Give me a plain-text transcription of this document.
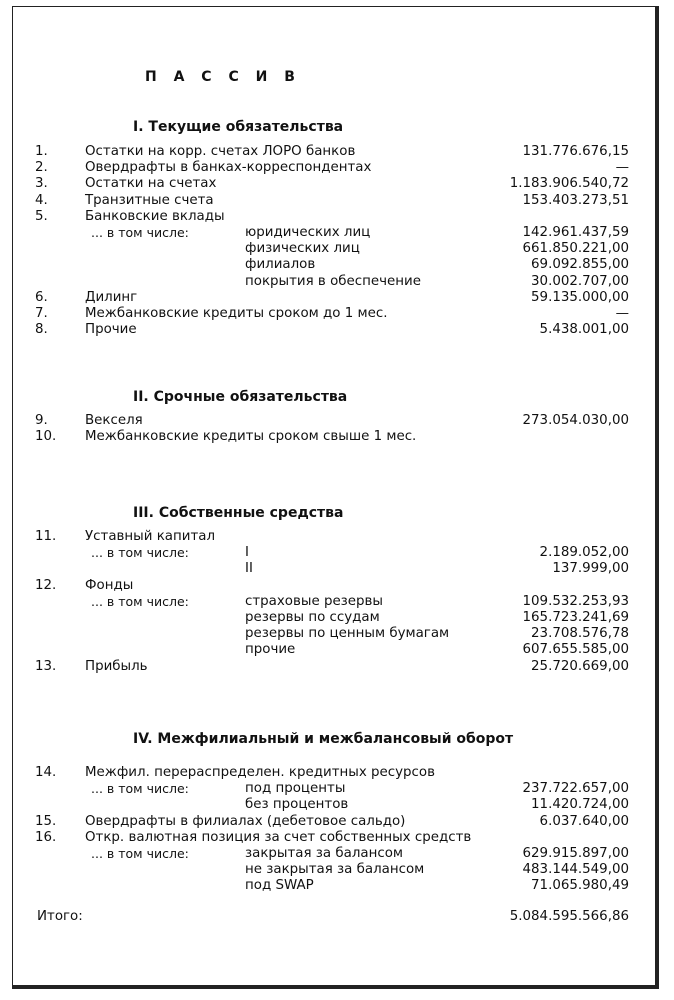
П А С С И В
I. Текущие обязательства
1.	Остатки на корр. счетах ЛОРО банков	131.776.676,15
2.	Овердрафты в банках-корреспондентах	—
3.	Остатки на счетах	1.183.906.540,72
4.	Транзитные счета	153.403.273,51
5.	Банковские вклады
... в том числе:	юридических лиц	142.961.437,59
физических лиц	661.850.221,00
филиалов	69.092.855,00
покрытия в обеспечение	30.002.707,00
6.	Дилинг	59.135.000,00
7.	Межбанковские кредиты сроком до 1 мес.	—
8.	Прочие	5.438.001,00
II. Срочные обязательства
9.	Векселя	273.054.030,00
10. Межбанковские кредиты сроком свыше 1 мес.
III. Собственные средства
11. Уставный капитал
... в том числе:	I	2.189.052,00
II	137.999,00
12. Фонды
... в том числе:	страховые резервы	109.532.253,93
резервы по ссудам	165.723.241,69
резервы по ценным бумагам	23.708.576,78
прочие	607.655.585,00
13. Прибыль	25.720.669,00
IV. Межфилиальный и межбалансовый оборот
14. Межфил. перераспределен. кредитных ресурсов
... в том числе:	под проценты	237.722.657,00
без процентов	11.420.724,00
15. Овердрафты в филиалах (дебетовое сальдо)	6.037.640,00
16. Откр. валютная позиция за счет собственных средств
... в том числе:	закрытая за балансом	629.915.897,00
не закрытая за балансом	483.144.549,00
под SWAP	71.065.980,49
Итого:	5.084.595.566,86
